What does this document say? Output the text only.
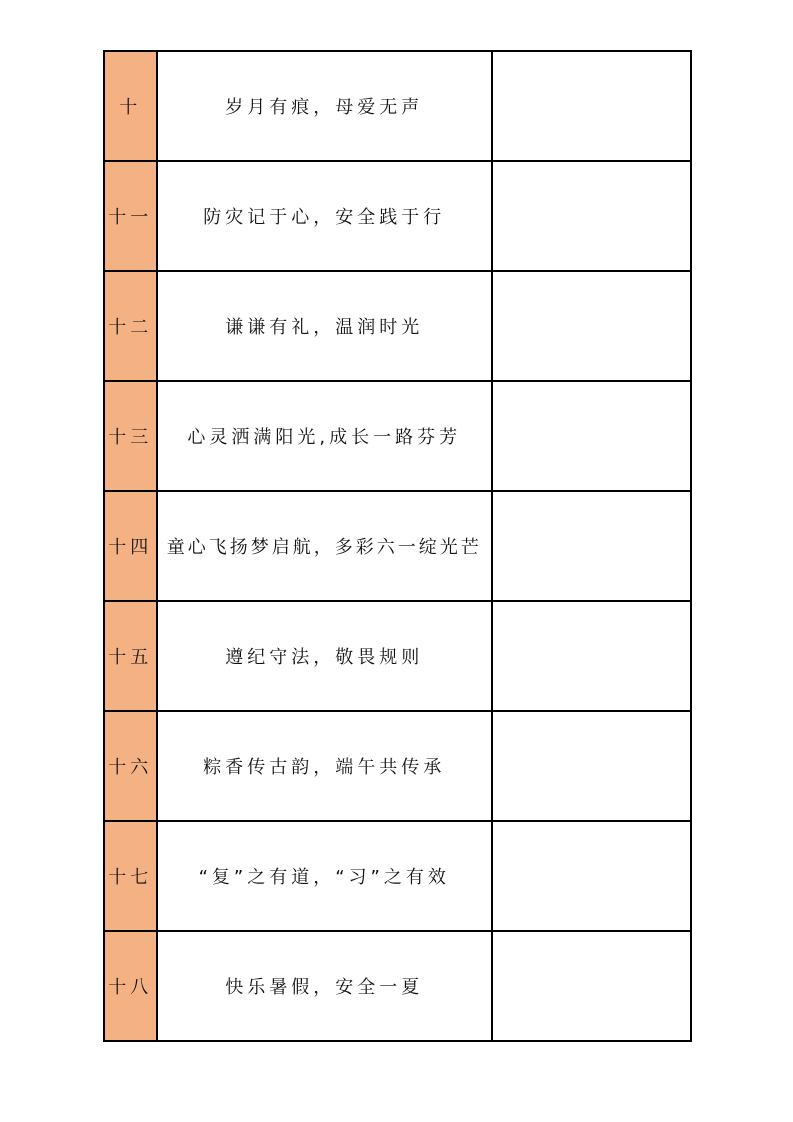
十	岁月有痕，母爱无声	
十一	防灾记于心，安全践于行	
十二	谦谦有礼，温润时光	
十三	心灵洒满阳光,成长一路芬芳	
十四	童心飞扬梦启航，多彩六一绽光芒	
十五	遵纪守法，敬畏规则	
十六	粽香传古韵，端午共传承	
十七	“复”之有道，“习”之有效	
十八	快乐暑假，安全一夏	
